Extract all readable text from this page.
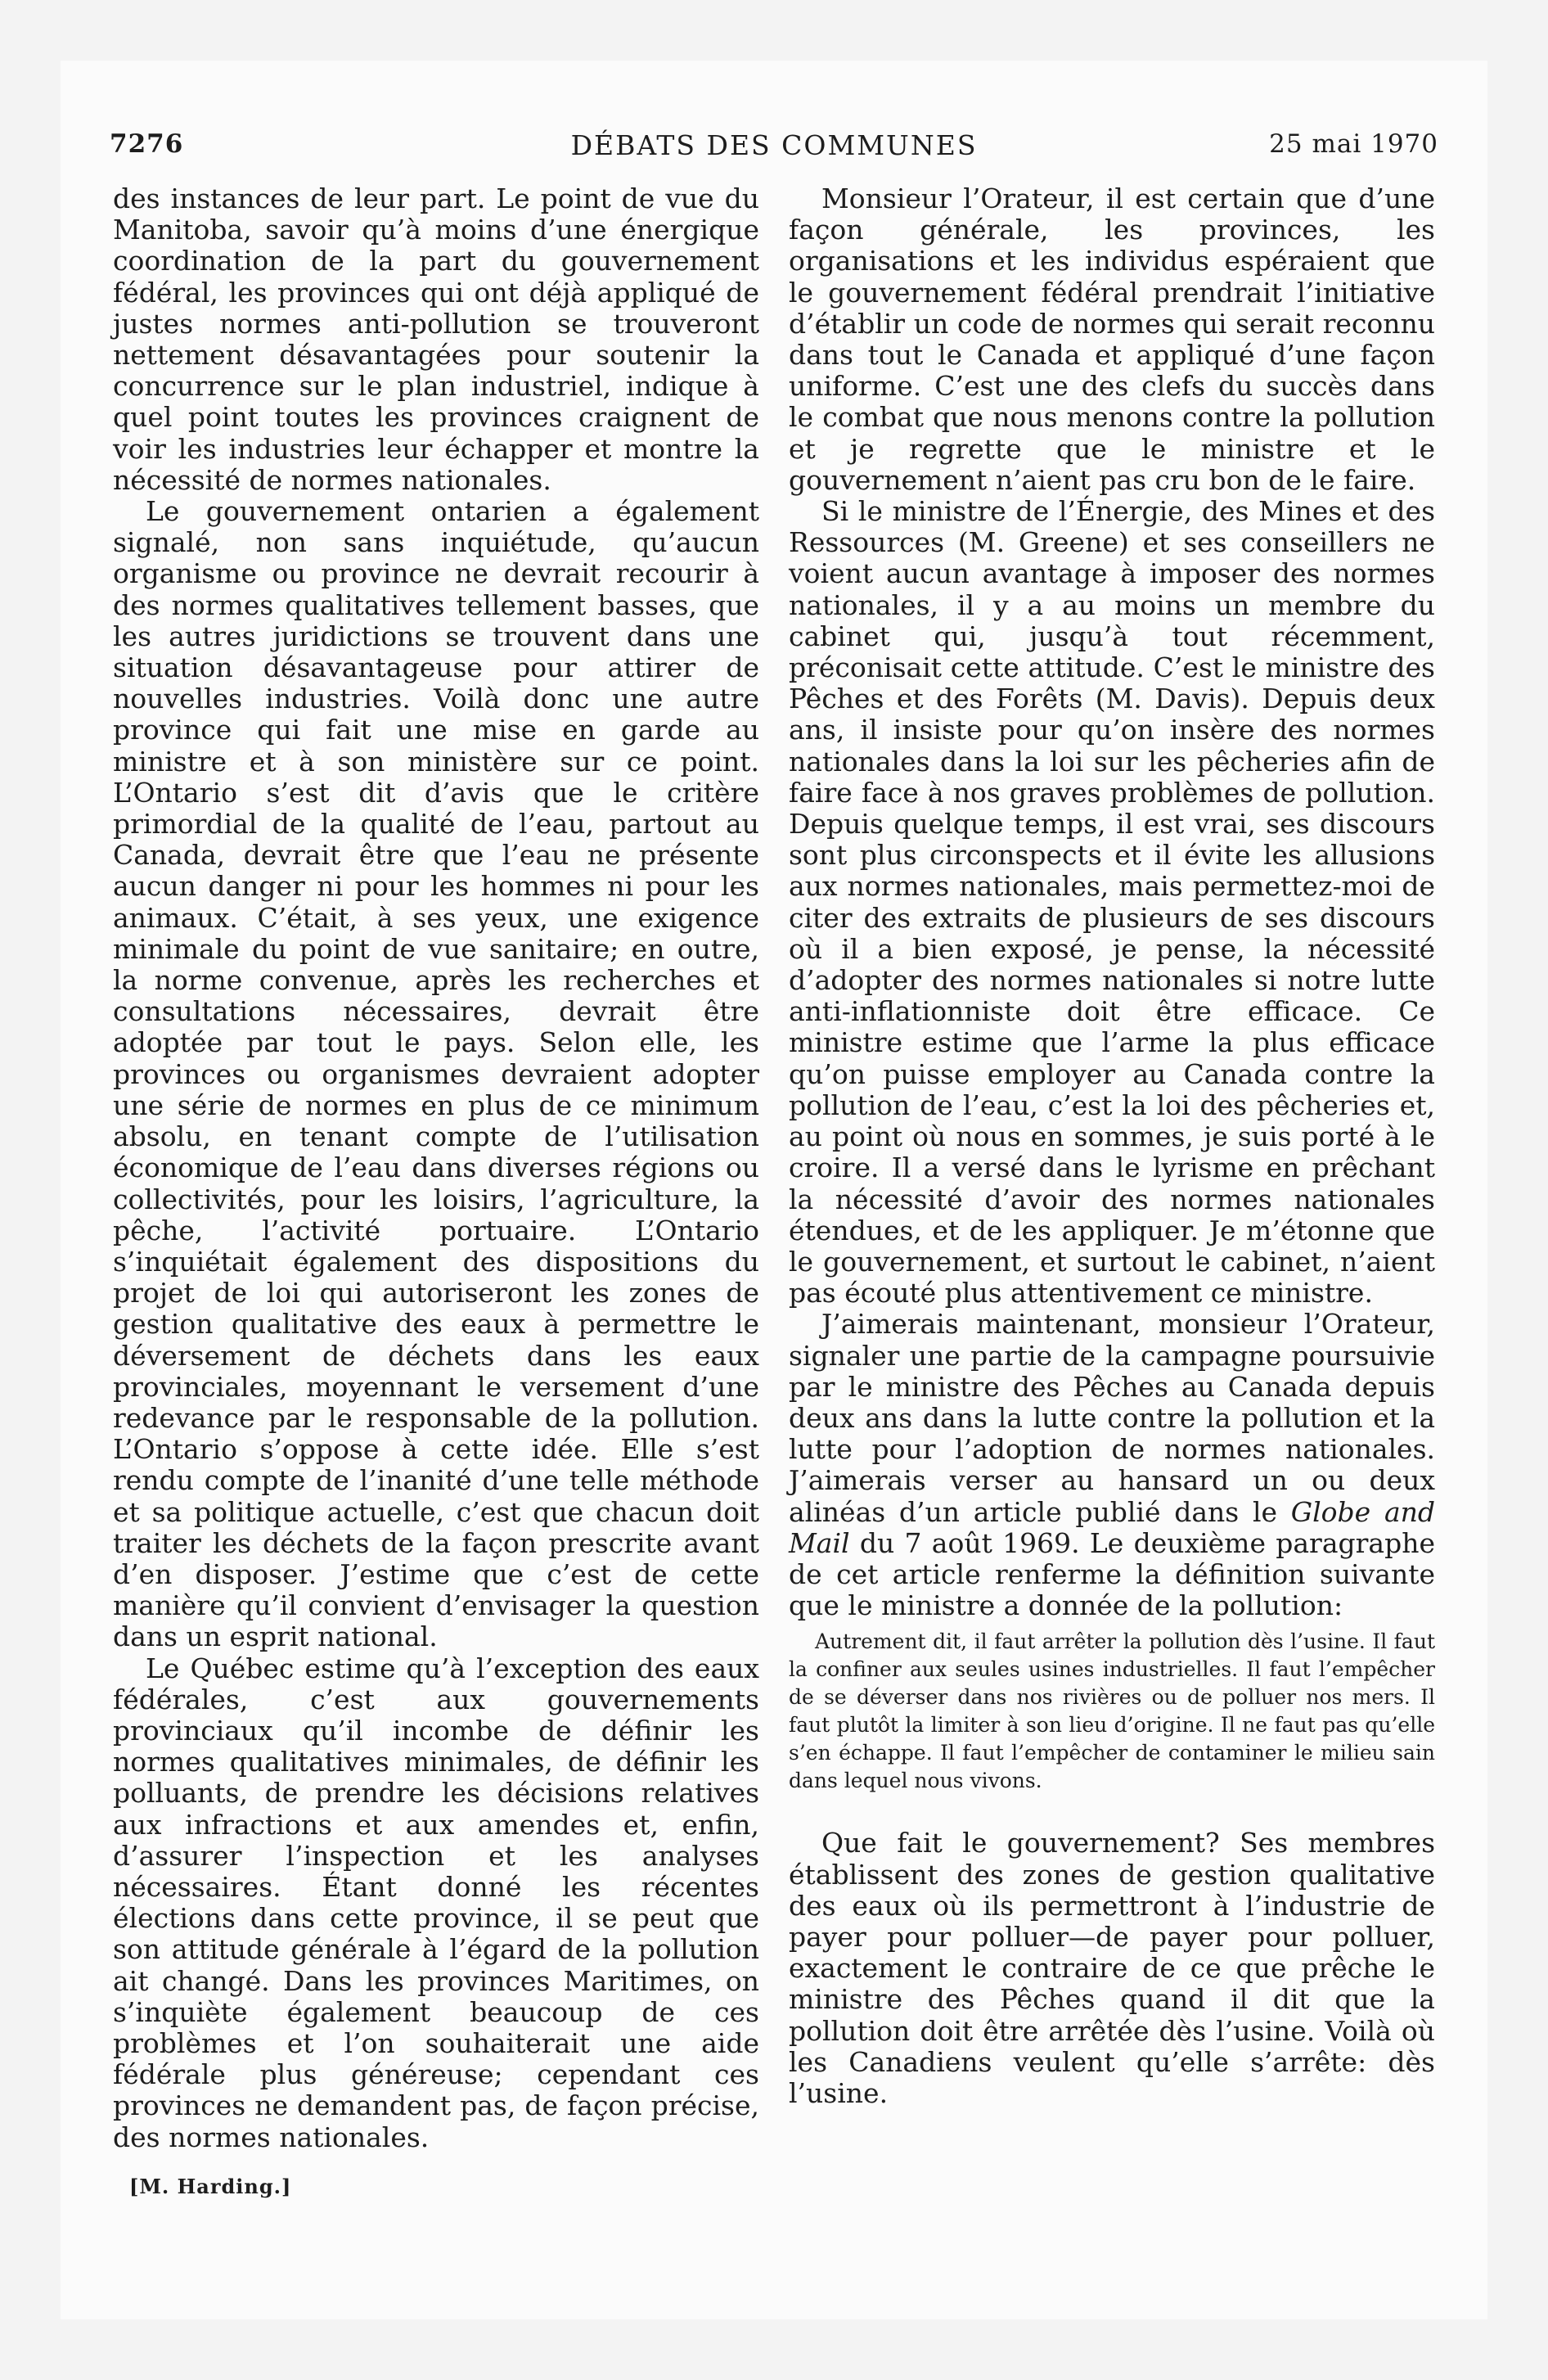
7276	DÉBATS DES COMMUNES	25 mai 1970

des instances de leur part. Le point de vue du Manitoba, savoir qu’à moins d’une énergique coordination de la part du gouvernement fédéral, les provinces qui ont déjà appliqué de justes normes anti-pollution se trouveront nettement désavantagées pour soutenir la concurrence sur le plan industriel, indique à quel point toutes les provinces craignent de voir les industries leur échapper et montre la nécessité de normes nationales.

Le gouvernement ontarien a également signalé, non sans inquiétude, qu’aucun organisme ou province ne devrait recourir à des normes qualitatives tellement basses, que les autres juridictions se trouvent dans une situation désavantageuse pour attirer de nouvelles industries. Voilà donc une autre province qui fait une mise en garde au ministre et à son ministère sur ce point. L’Ontario s’est dit d’avis que le critère primordial de la qualité de l’eau, partout au Canada, devrait être que l’eau ne présente aucun danger ni pour les hommes ni pour les animaux. C’était, à ses yeux, une exigence minimale du point de vue sanitaire; en outre, la norme convenue, après les recherches et consultations nécessaires, devrait être adoptée par tout le pays. Selon elle, les provinces ou organismes devraient adopter une série de normes en plus de ce minimum absolu, en tenant compte de l’utilisation économique de l’eau dans diverses régions ou collectivités, pour les loisirs, l’agriculture, la pêche, l’activité portuaire. L’Ontario s’inquiétait également des dispositions du projet de loi qui autoriseront les zones de gestion qualitative des eaux à permettre le déversement de déchets dans les eaux provinciales, moyennant le versement d’une redevance par le responsable de la pollution. L’Ontario s’oppose à cette idée. Elle s’est rendu compte de l’inanité d’une telle méthode et sa politique actuelle, c’est que chacun doit traiter les déchets de la façon prescrite avant d’en disposer. J’estime que c’est de cette manière qu’il convient d’envisager la question dans un esprit national.

Le Québec estime qu’à l’exception des eaux fédérales, c’est aux gouvernements provinciaux qu’il incombe de définir les normes qualitatives minimales, de définir les polluants, de prendre les décisions relatives aux infractions et aux amendes et, enfin, d’assurer l’inspection et les analyses nécessaires. Étant donné les récentes élections dans cette province, il se peut que son attitude générale à l’égard de la pollution ait changé. Dans les provinces Maritimes, on s’inquiète également beaucoup de ces problèmes et l’on souhaiterait une aide fédérale plus généreuse; cependant ces provinces ne demandent pas, de façon précise, des normes nationales.

[M. Harding.]

Monsieur l’Orateur, il est certain que d’une façon générale, les provinces, les organisations et les individus espéraient que le gouvernement fédéral prendrait l’initiative d’établir un code de normes qui serait reconnu dans tout le Canada et appliqué d’une façon uniforme. C’est une des clefs du succès dans le combat que nous menons contre la pollution et je regrette que le ministre et le gouvernement n’aient pas cru bon de le faire.

Si le ministre de l’Énergie, des Mines et des Ressources (M. Greene) et ses conseillers ne voient aucun avantage à imposer des normes nationales, il y a au moins un membre du cabinet qui, jusqu’à tout récemment, préconisait cette attitude. C’est le ministre des Pêches et des Forêts (M. Davis). Depuis deux ans, il insiste pour qu’on insère des normes nationales dans la loi sur les pêcheries afin de faire face à nos graves problèmes de pollution. Depuis quelque temps, il est vrai, ses discours sont plus circonspects et il évite les allusions aux normes nationales, mais permettez-moi de citer des extraits de plusieurs de ses discours où il a bien exposé, je pense, la nécessité d’adopter des normes nationales si notre lutte anti-inflationniste doit être efficace. Ce ministre estime que l’arme la plus efficace qu’on puisse employer au Canada contre la pollution de l’eau, c’est la loi des pêcheries et, au point où nous en sommes, je suis porté à le croire. Il a versé dans le lyrisme en prêchant la nécessité d’avoir des normes nationales étendues, et de les appliquer. Je m’étonne que le gouvernement, et surtout le cabinet, n’aient pas écouté plus attentivement ce ministre.

J’aimerais maintenant, monsieur l’Orateur, signaler une partie de la campagne poursuivie par le ministre des Pêches au Canada depuis deux ans dans la lutte contre la pollution et la lutte pour l’adoption de normes nationales. J’aimerais verser au hansard un ou deux alinéas d’un article publié dans le Globe and Mail du 7 août 1969. Le deuxième paragraphe de cet article renferme la définition suivante que le ministre a donnée de la pollution:

Autrement dit, il faut arrêter la pollution dès l’usine. Il faut la confiner aux seules usines industrielles. Il faut l’empêcher de se déverser dans nos rivières ou de polluer nos mers. Il faut plutôt la limiter à son lieu d’origine. Il ne faut pas qu’elle s’en échappe. Il faut l’empêcher de contaminer le milieu sain dans lequel nous vivons.

Que fait le gouvernement? Ses membres établissent des zones de gestion qualitative des eaux où ils permettront à l’industrie de payer pour polluer—de payer pour polluer, exactement le contraire de ce que prêche le ministre des Pêches quand il dit que la pollution doit être arrêtée dès l’usine. Voilà où les Canadiens veulent qu’elle s’arrête: dès l’usine.
